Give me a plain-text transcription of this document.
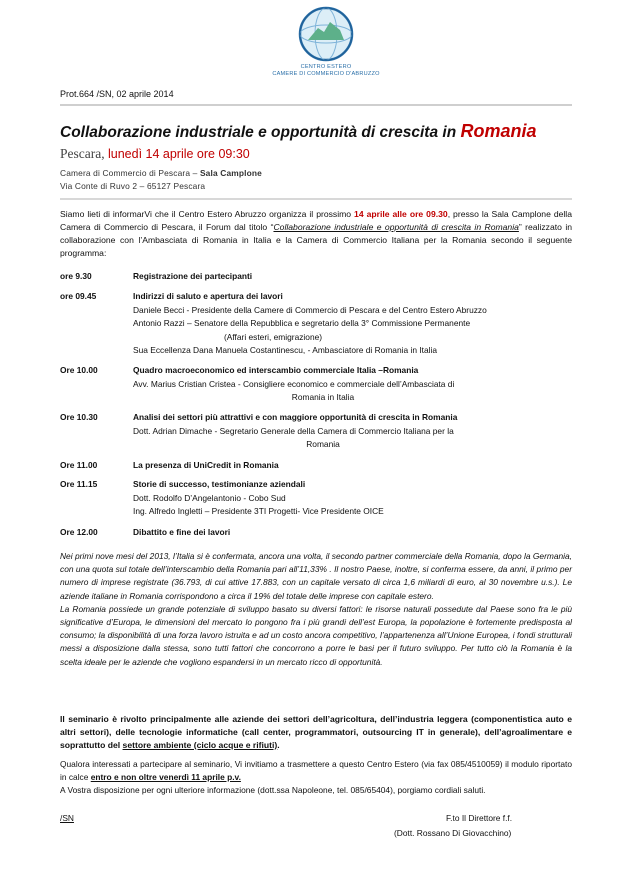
CENTRO ESTERO
CAMERE DI COMMERCIO D'ABRUZZO
Prot.664 /SN, 02 aprile 2014
Collaborazione industriale e opportunità di crescita in Romania
Pescara, lunedì 14 aprile ore 09:30
Camera di Commercio di Pescara – Sala Camplone
Via Conte di Ruvo 2 – 65127 Pescara
Siamo lieti di informarVi che il Centro Estero Abruzzo organizza il prossimo 14 aprile alle ore 09.30, presso la Sala Camplone della Camera di Commercio di Pescara, il Forum dal titolo “Collaborazione industriale e opportunità di crescita in Romania” realizzato in collaborazione con l’Ambasciata di Romania in Italia e la Camera di Commercio Italiana per la Romania secondo il seguente programma:
ore 9.30	Registrazione dei partecipanti
ore 09.45	Indirizzi di saluto e apertura dei lavori
Daniele Becci - Presidente della Camere di Commercio di Pescara e del Centro Estero Abruzzo
Antonio Razzi – Senatore della Repubblica e segretario della 3° Commissione Permanente
(Affari esteri, emigrazione)
Sua Eccellenza Dana Manuela Costantinescu, - Ambasciatore di Romania in Italia
Ore 10.00	Quadro macroeconomico ed interscambio commerciale Italia –Romania
Avv. Marius Cristian Cristea - Consigliere economico e commerciale dell’Ambasciata di
Romania in Italia
Ore 10.30	Analisi dei settori più attrattivi e con maggiore opportunità di crescita in Romania
Dott. Adrian Dimache - Segretario Generale della Camera di Commercio Italiana per la
Romania
Ore 11.00	La presenza di UniCredit in Romania
Ore 11.15	Storie di successo, testimonianze aziendali
Dott. Rodolfo D’Angelantonio - Cobo Sud
Ing. Alfredo Ingletti – Presidente 3TI Progetti- Vice Presidente OICE
Ore 12.00	Dibattito e fine dei lavori
Nei primi nove mesi del 2013, l’Italia si è confermata, ancora una volta, il secondo partner commerciale della Romania, dopo la Germania, con una quota sul totale dell’interscambio della Romania pari all’11,33% . Il nostro Paese, inoltre, si conferma essere, da anni, il primo per numero di imprese registrate (36.793, di cui attive 17.883, con un capitale versato di circa 1,6 miliardi di euro, al 30 novembre u.s.). Le aziende italiane in Romania corrispondono a circa il 19% del totale delle imprese con capitale estero.
La Romania possiede un grande potenziale di sviluppo basato su diversi fattori: le risorse naturali possedute dal Paese sono fra le più significative d’Europa, le dimensioni del mercato lo pongono fra i più grandi dell’est Europa, la popolazione è fortemente predisposta al consumo; la disponibilità di una forza lavoro istruita e ad un costo ancora competitivo, l’appartenenza all’Unione Europea, i fondi strutturali messi a disposizione dalla stessa, sono tutti fattori che concorrono a porre le basi per il futuro sviluppo. Per tutto ciò la Romania è la scelta ideale per le aziende che vogliono espandersi in un mercato ricco di opportunità.
Il seminario è rivolto principalmente alle aziende dei settori dell’agricoltura, dell’industria leggera (componentistica auto e altri settori), delle tecnologie informatiche (call center, programmatori, outsourcing IT in generale), dell’agroalimentare e soprattutto del settore ambiente (ciclo acque e rifiuti).
Qualora interessati a partecipare al seminario, Vi invitiamo a trasmettere a questo Centro Estero (via fax 085/4510059) il modulo riportato in calce entro e non oltre venerdì 11 aprile p.v.
A Vostra disposizione per ogni ulteriore informazione (dott.ssa Napoleone, tel. 085/65404), porgiamo cordiali saluti.
/SN	F.to Il Direttore f.f.
(Dott. Rossano Di Giovacchino)
